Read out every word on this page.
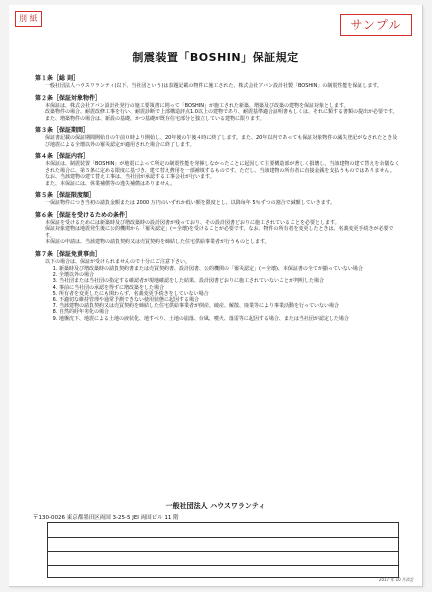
別 紙	サンプル
制震装置「BOSHIN」保証規定
第１条［総 則］

一般社団法人ハウスワランティ(以下、当社団という)は表題記載の物件に施工された、株式会社アバン設計社製「BOSHIN」の制震性能を保証します。

第２条［保証対象物件］

本保証は、株式会社アバン設計社発行の施工要領書に則って「BOSHIN」が施工された新築、増築及び改築の建物を保証対象とします。

改築物件の場合、耐震改修工事を行い、耐震診断で上部構造評点1.0以上の建物であり、耐震基準適合証明書もしくは、それに類する書類の提出が必要です。

また、増築物件の場合は、新設の基礎、かつ基礎が既存住宅部分と独立している建物に限ります。

第３条［保証期間］

保証書記載の保証期間開始日の午前０時より開始し、20年後の午後４時に終了します。また、20年以内であっても保証対象物件の滅失登記がなされたとき及び地震による全壊以外の罹災認定が適用された場合に終了します。

第４条［保証内容］

本保証は、制震装置「BOSHIN」が地震によって所定の制震性能を発揮しなかったことに起因して主要構造部が著しく損壊し、当該建物の建て替えを余儀なくされた場合に、第５条に定める限度に基づき、建て替え費用を一部補填するものです。ただし、当該建物の所有者に直接金銭を支払うものではありません。

なお、当該建物の建て替え工事は、当社団が承認する工事会社が行います。

また、本保証には、休業補償等の逸失補償はありません。

第５条［保証限度額］

一保証物件につき当初の請負金額または 2000 万円のいずれか低い額を限度とし、以降毎年 5％ずつの割合で減額していきます。

第６条［保証を受けるための条件］

本保証を受けるためには新築時及び増改築時の設計図書が残っており、その設計図書どおりに施工されていることを必要とします。

保証対象建物は地震発生後に公的機関から「罹災認定」(＝全壊)を受けることが必要です。なお、物件の所有者を変更したときは、名義変更手続きが必要です。

本保証の申請は、当該建物の請負契約又は売買契約を締結した住宅供給事業者が行うものとします。

第７条［保証免責事由］

以下の場合は、保証が受けられませんので十分にご注意下さい。

1. 新築時及び増改築時の請負契約書または売買契約書、設計図書、公的機関の「罹災認定」(＝全壊)、本保証書の全てが揃っていない場合
2. 全壊以外の場合
3. 当社団または当社団の指定する確認者が現地確認をした結果、設計図書どおりに施工されていないことが判明した場合
4. 事前に当社団の承認を得ずに増改築をした場合
5. 所有者を変更したにも関わらず、名義変更手続きをしていない場合
6. 不適切な維持管理や通常予測できない使用状態に起因する場合
7. 当該建物の請負契約又は売買契約を締結した住宅供給事業者が倒産、破産、解散、廃業等により事業活動を行っていない場合
8. 自然的経年劣化の場合
9. 地盤沈下、地震による土地の液状化、地すべり、土地の崩落、台風、噴火、落雷等に起因する場合、または当社団が認定した場合
一般社団法人 ハウスワランティ
〒130-0026 東京都墨田区両国 3-25-5 JEI 両国ビル 11 階
2017 年 10 月改訂
